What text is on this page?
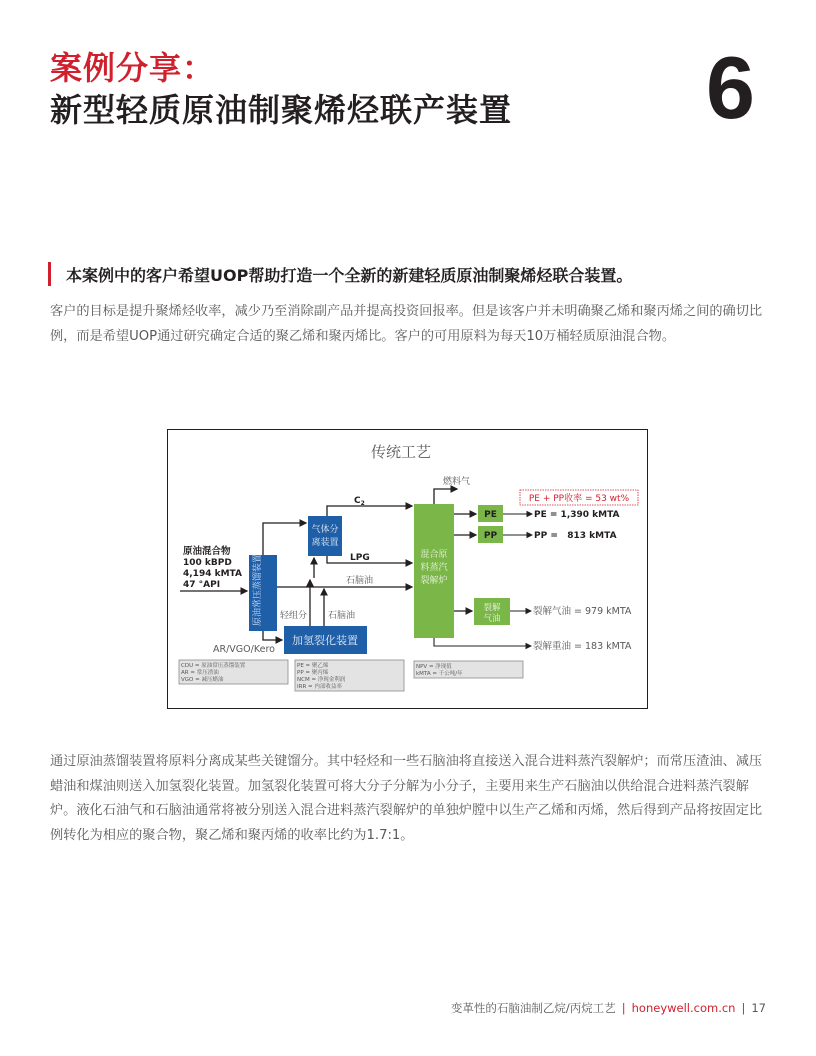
案例分享：
新型轻质原油制聚烯烃联产装置 6
本案例中的客户希望UOP帮助打造一个全新的新建轻质原油制聚烯烃联合装置。
客户的目标是提升聚烯烃收率，减少乃至消除副产品并提高投资回报率。但是该客户并未明确聚乙烯和聚丙烯之间的确切比例，而是希望UOP通过研究确定合适的聚乙烯和聚丙烯比。客户的可用原料为每天10万桶轻质原油混合物。
传统工艺
原油混合物
100 kBPD
4,194 kMTA
47 °API	原油常压蒸馏装置
气体分
离装置
$C_2$
LPG
石脑油
加氢裂化装置
轻组分 石脑油
AR/VGO/Kero
混合原
料蒸汽
裂解炉
燃料气
PE
PP
PE + PP收率 = 53 wt%
PE = 1,390 kMTA
PP =   813 kMTA
裂解
气油
裂解气油 = 979 kMTA
裂解重油 = 183 kMTA
CDU = 原油常压蒸馏装置
AR = 常压渣油
VGO = 减压蜡油
PE = 聚乙烯
PP = 聚丙烯
NCM = 净现金利润
IRR = 内部收益率
NPV = 净现值
kMTA = 千公吨/年
通过原油蒸馏装置将原料分离成某些关键馏分。其中轻烃和一些石脑油将直接送入混合进料蒸汽裂解炉；而常压渣油、减压蜡油和煤油则送入加氢裂化装置。加氢裂化装置可将大分子分解为小分子，主要用来生产石脑油以供给混合进料蒸汽裂解炉。液化石油气和石脑油通常将被分别送入混合进料蒸汽裂解炉的单独炉膛中以生产乙烯和丙烯，然后得到产品将按固定比例转化为相应的聚合物，聚乙烯和聚丙烯的收率比约为1.7:1。
变革性的石脑油制乙烷/丙烷工艺 | honeywell.com.cn | 17
